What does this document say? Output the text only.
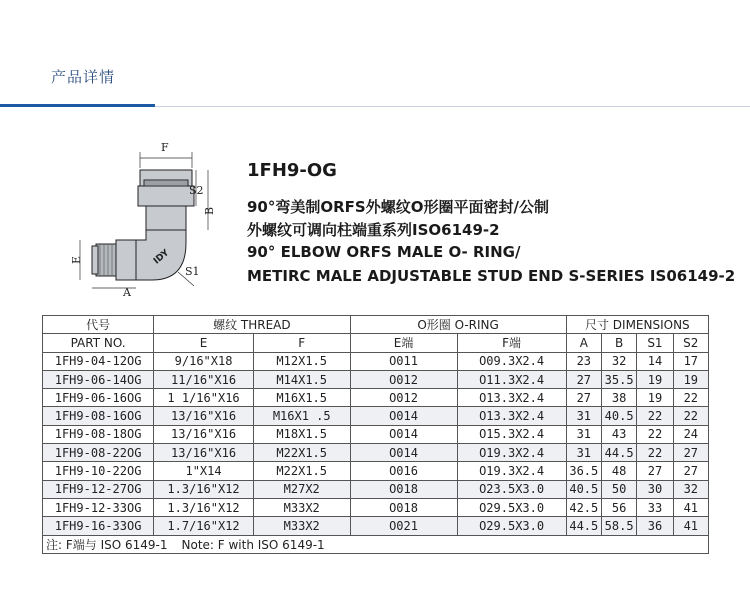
产品详情
F
S2
B
E
S1
A
IDY
1FH9-OG
90°弯美制ORFS外螺纹O形圈平面密封/公制
外螺纹可调向柱端重系列ISO6149-2
90° ELBOW ORFS MALE O- RING/
METIRC MALE ADJUSTABLE STUD END S-SERIES IS06149-2
代号	螺纹 THREAD		O形圈 O-RING		尺寸 DIMENSIONS			
PART NO.	E	F	E端	F端	A	B	S1	S2
1FH9-04-12OG	9/16"X18	M12X1.5	O011	O09.3X2.4	23	32	14	17
1FH9-06-14OG	11/16"X16	M14X1.5	O012	O11.3X2.4	27	35.5	19	19
1FH9-06-16OG	1 1/16"X16	M16X1.5	O012	O13.3X2.4	27	38	19	22
1FH9-08-16OG	13/16"X16	M16X1 .5	O014	O13.3X2.4	31	40.5	22	22
1FH9-08-18OG	13/16"X16	M18X1.5	O014	O15.3X2.4	31	43	22	24
1FH9-08-22OG	13/16"X16	M22X1.5	O014	O19.3X2.4	31	44.5	22	27
1FH9-10-22OG	1"X14	M22X1.5	O016	O19.3X2.4	36.5	48	27	27
1FH9-12-27OG	1.3/16"X12	M27X2	O018	O23.5X3.0	40.5	50	30	32
1FH9-12-33OG	1.3/16"X12	M33X2	O018	O29.5X3.0	42.5	56	33	41
1FH9-16-33OG	1.7/16"X12	M33X2	O021	O29.5X3.0	44.5	58.5	36	41
注: F端与 ISO 6149-1 Note: F with ISO 6149-1								
